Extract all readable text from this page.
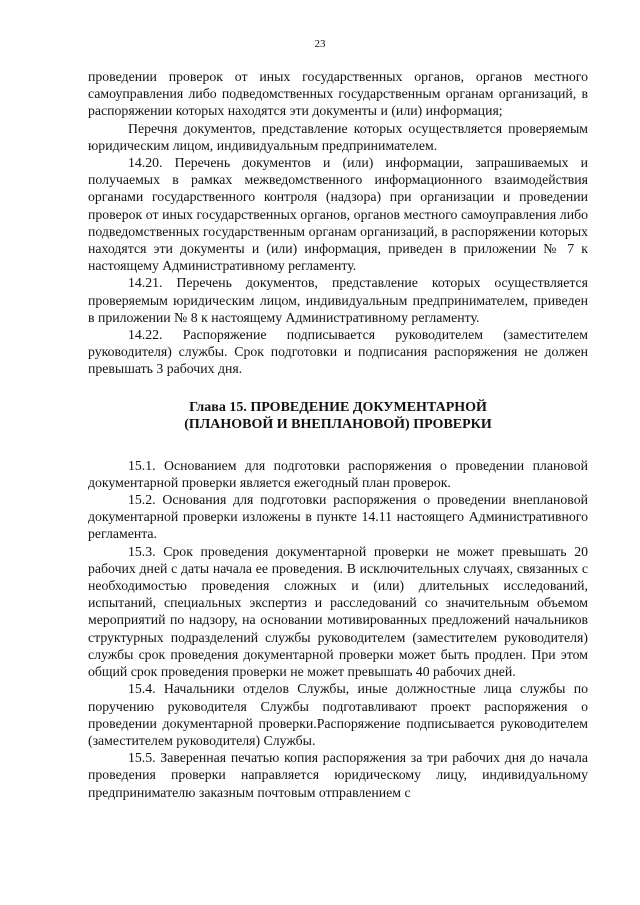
23

проведении проверок от иных государственных органов, органов местного самоуправления либо подведомственных государственным органам организаций, в распоряжении которых находятся эти документы и (или) информация;

Перечня документов, представление которых осуществляется проверяемым юридическим лицом, индивидуальным предпринимателем.

14.20. Перечень документов и (или) информации, запрашиваемых и получаемых в рамках межведомственного информационного взаимодействия органами государственного контроля (надзора) при организации и проведении проверок от иных государственных органов, органов местного самоуправления либо подведомственных государственным органам организаций, в распоряжении которых находятся эти документы и (или) информация, приведен в приложении № 7 к настоящему Административному регламенту.

14.21. Перечень документов, представление которых осуществляется проверяемым юридическим лицом, индивидуальным предпринимателем, приведен в приложении № 8 к настоящему Административному регламенту.

14.22. Распоряжение подписывается руководителем (заместителем руководителя) службы. Срок подготовки и подписания распоряжения не должен превышать 3 рабочих дня.

Глава 15. ПРОВЕДЕНИЕ ДОКУМЕНТАРНОЙ
(ПЛАНОВОЙ И ВНЕПЛАНОВОЙ) ПРОВЕРКИ

15.1. Основанием для подготовки распоряжения о проведении плановой документарной проверки является ежегодный план проверок.

15.2. Основания для подготовки распоряжения о проведении внеплановой документарной проверки изложены в пункте 14.11 настоящего Административного регламента.

15.3. Срок проведения документарной проверки не может превышать 20 рабочих дней с даты начала ее проведения. В исключительных случаях, связанных с необходимостью проведения сложных и (или) длительных исследований, испытаний, специальных экспертиз и расследований со значительным объемом мероприятий по надзору, на основании мотивированных предложений начальников структурных подразделений службы руководителем (заместителем руководителя) службы срок проведения документарной проверки может быть продлен. При этом общий срок проведения проверки не может превышать 40 рабочих дней.

15.4. Начальники отделов Службы, иные должностные лица службы по поручению руководителя Службы подготавливают проект распоряжения о проведении документарной проверки.Распоряжение подписывается руководителем (заместителем руководителя) Службы.

15.5. Заверенная печатью копия распоряжения за три рабочих дня до начала проведения проверки направляется юридическому лицу, индивидуальному предпринимателю заказным почтовым отправлением с
